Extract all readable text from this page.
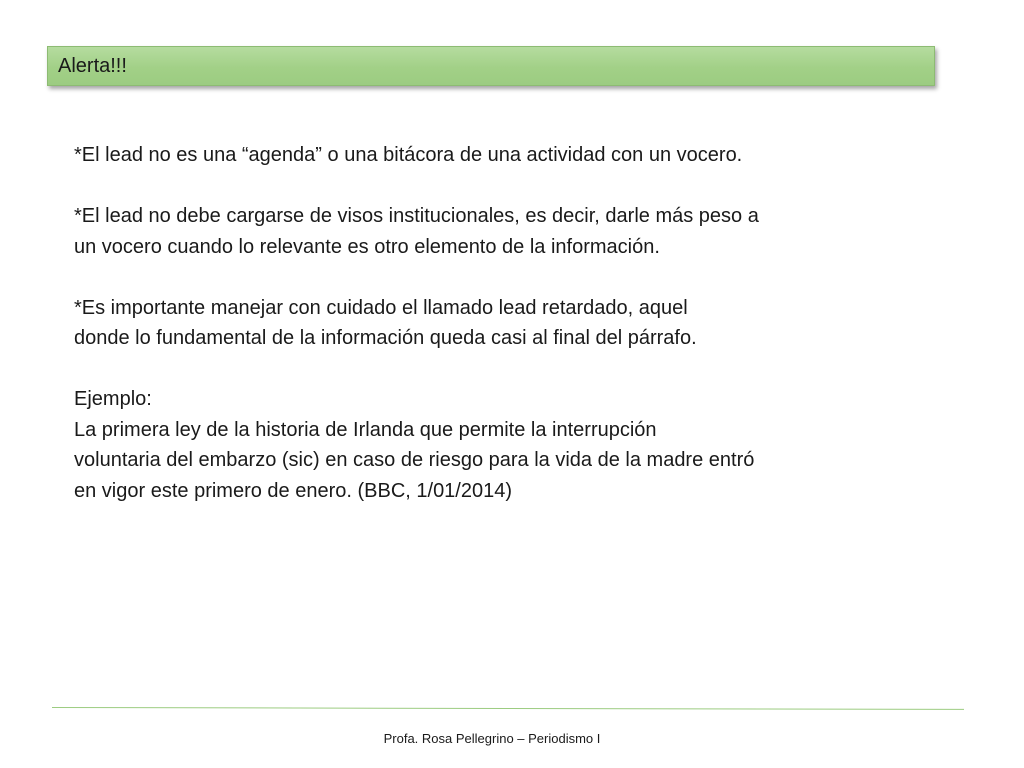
Alerta!!!
*El lead no es una “agenda” o una bitácora de una actividad con un vocero.
*El lead no debe cargarse de visos institucionales, es decir, darle más peso a
un vocero cuando lo relevante es otro elemento de la información.
*Es importante manejar con cuidado el llamado lead retardado, aquel
donde lo fundamental de la información queda casi al final del párrafo.
Ejemplo:
La primera ley de la historia de Irlanda que permite la interrupción
voluntaria del embarzo (sic) en caso de riesgo para la vida de la madre entró
en vigor este primero de enero. (BBC, 1/01/2014)
Profa. Rosa Pellegrino – Periodismo I
